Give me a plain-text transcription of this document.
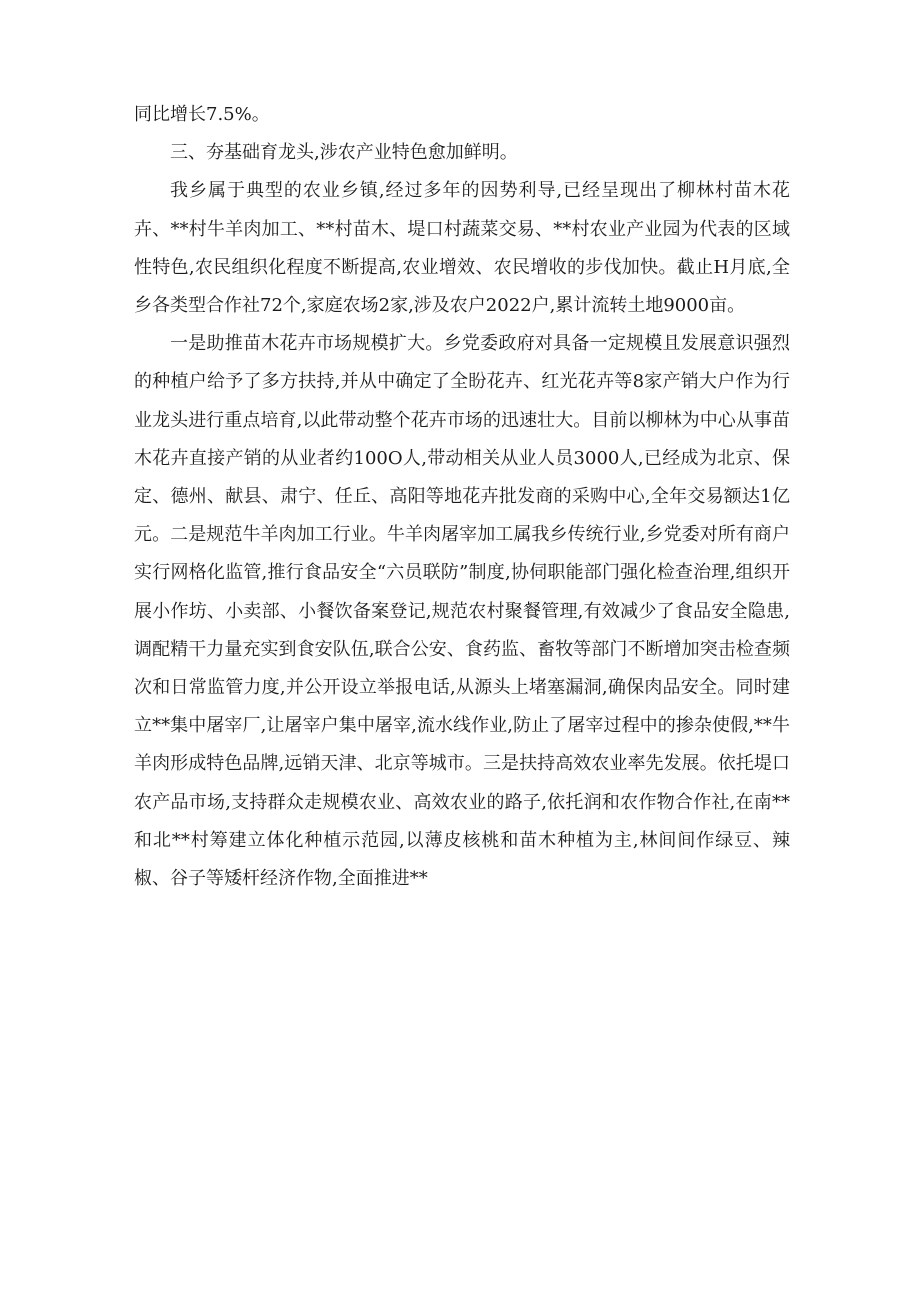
同比增长7.5%。

三、夯基础育龙头,涉农产业特色愈加鲜明。

我乡属于典型的农业乡镇,经过多年的因势利导,已经呈现出了柳林村苗木花卉、**村牛羊肉加工、**村苗木、堤口村蔬菜交易、**村农业产业园为代表的区域性特色,农民组织化程度不断提高,农业增效、农民增收的步伐加快。截止H月底,全乡各类型合作社72个,家庭农场2家,涉及农户2022户,累计流转土地9000亩。

一是助推苗木花卉市场规模扩大。乡党委政府对具备一定规模且发展意识强烈的种植户给予了多方扶持,并从中确定了全盼花卉、红光花卉等8家产销大户作为行业龙头进行重点培育,以此带动整个花卉市场的迅速壮大。目前以柳林为中心从事苗木花卉直接产销的从业者约100O人,带动相关从业人员3000人,已经成为北京、保定、德州、献县、肃宁、任丘、高阳等地花卉批发商的采购中心,全年交易额达1亿元。二是规范牛羊肉加工行业。牛羊肉屠宰加工属我乡传统行业,乡党委对所有商户实行网格化监管,推行食品安全“六员联防”制度,协伺职能部门强化检查治理,组织开展小作坊、小卖部、小餐饮备案登记,规范农村聚餐管理,有效减少了食品安全隐患,调配精干力量充实到食安队伍,联合公安、食药监、畜牧等部门不断增加突击检查频次和日常监管力度,并公开设立举报电话,从源头上堵塞漏洞,确保肉品安全。同时建立**集中屠宰厂,让屠宰户集中屠宰,流水线作业,防止了屠宰过程中的掺杂使假,**牛羊肉形成特色品牌,远销天津、北京等城市。三是扶持高效农业率先发展。依托堤口农产品市场,支持群众走规模农业、高效农业的路子,依托润和农作物合作社,在南**和北**村筹建立体化种植示范园,以薄皮核桃和苗木种植为主,林间间作绿豆、辣椒、谷子等矮杆经济作物,全面推进**
